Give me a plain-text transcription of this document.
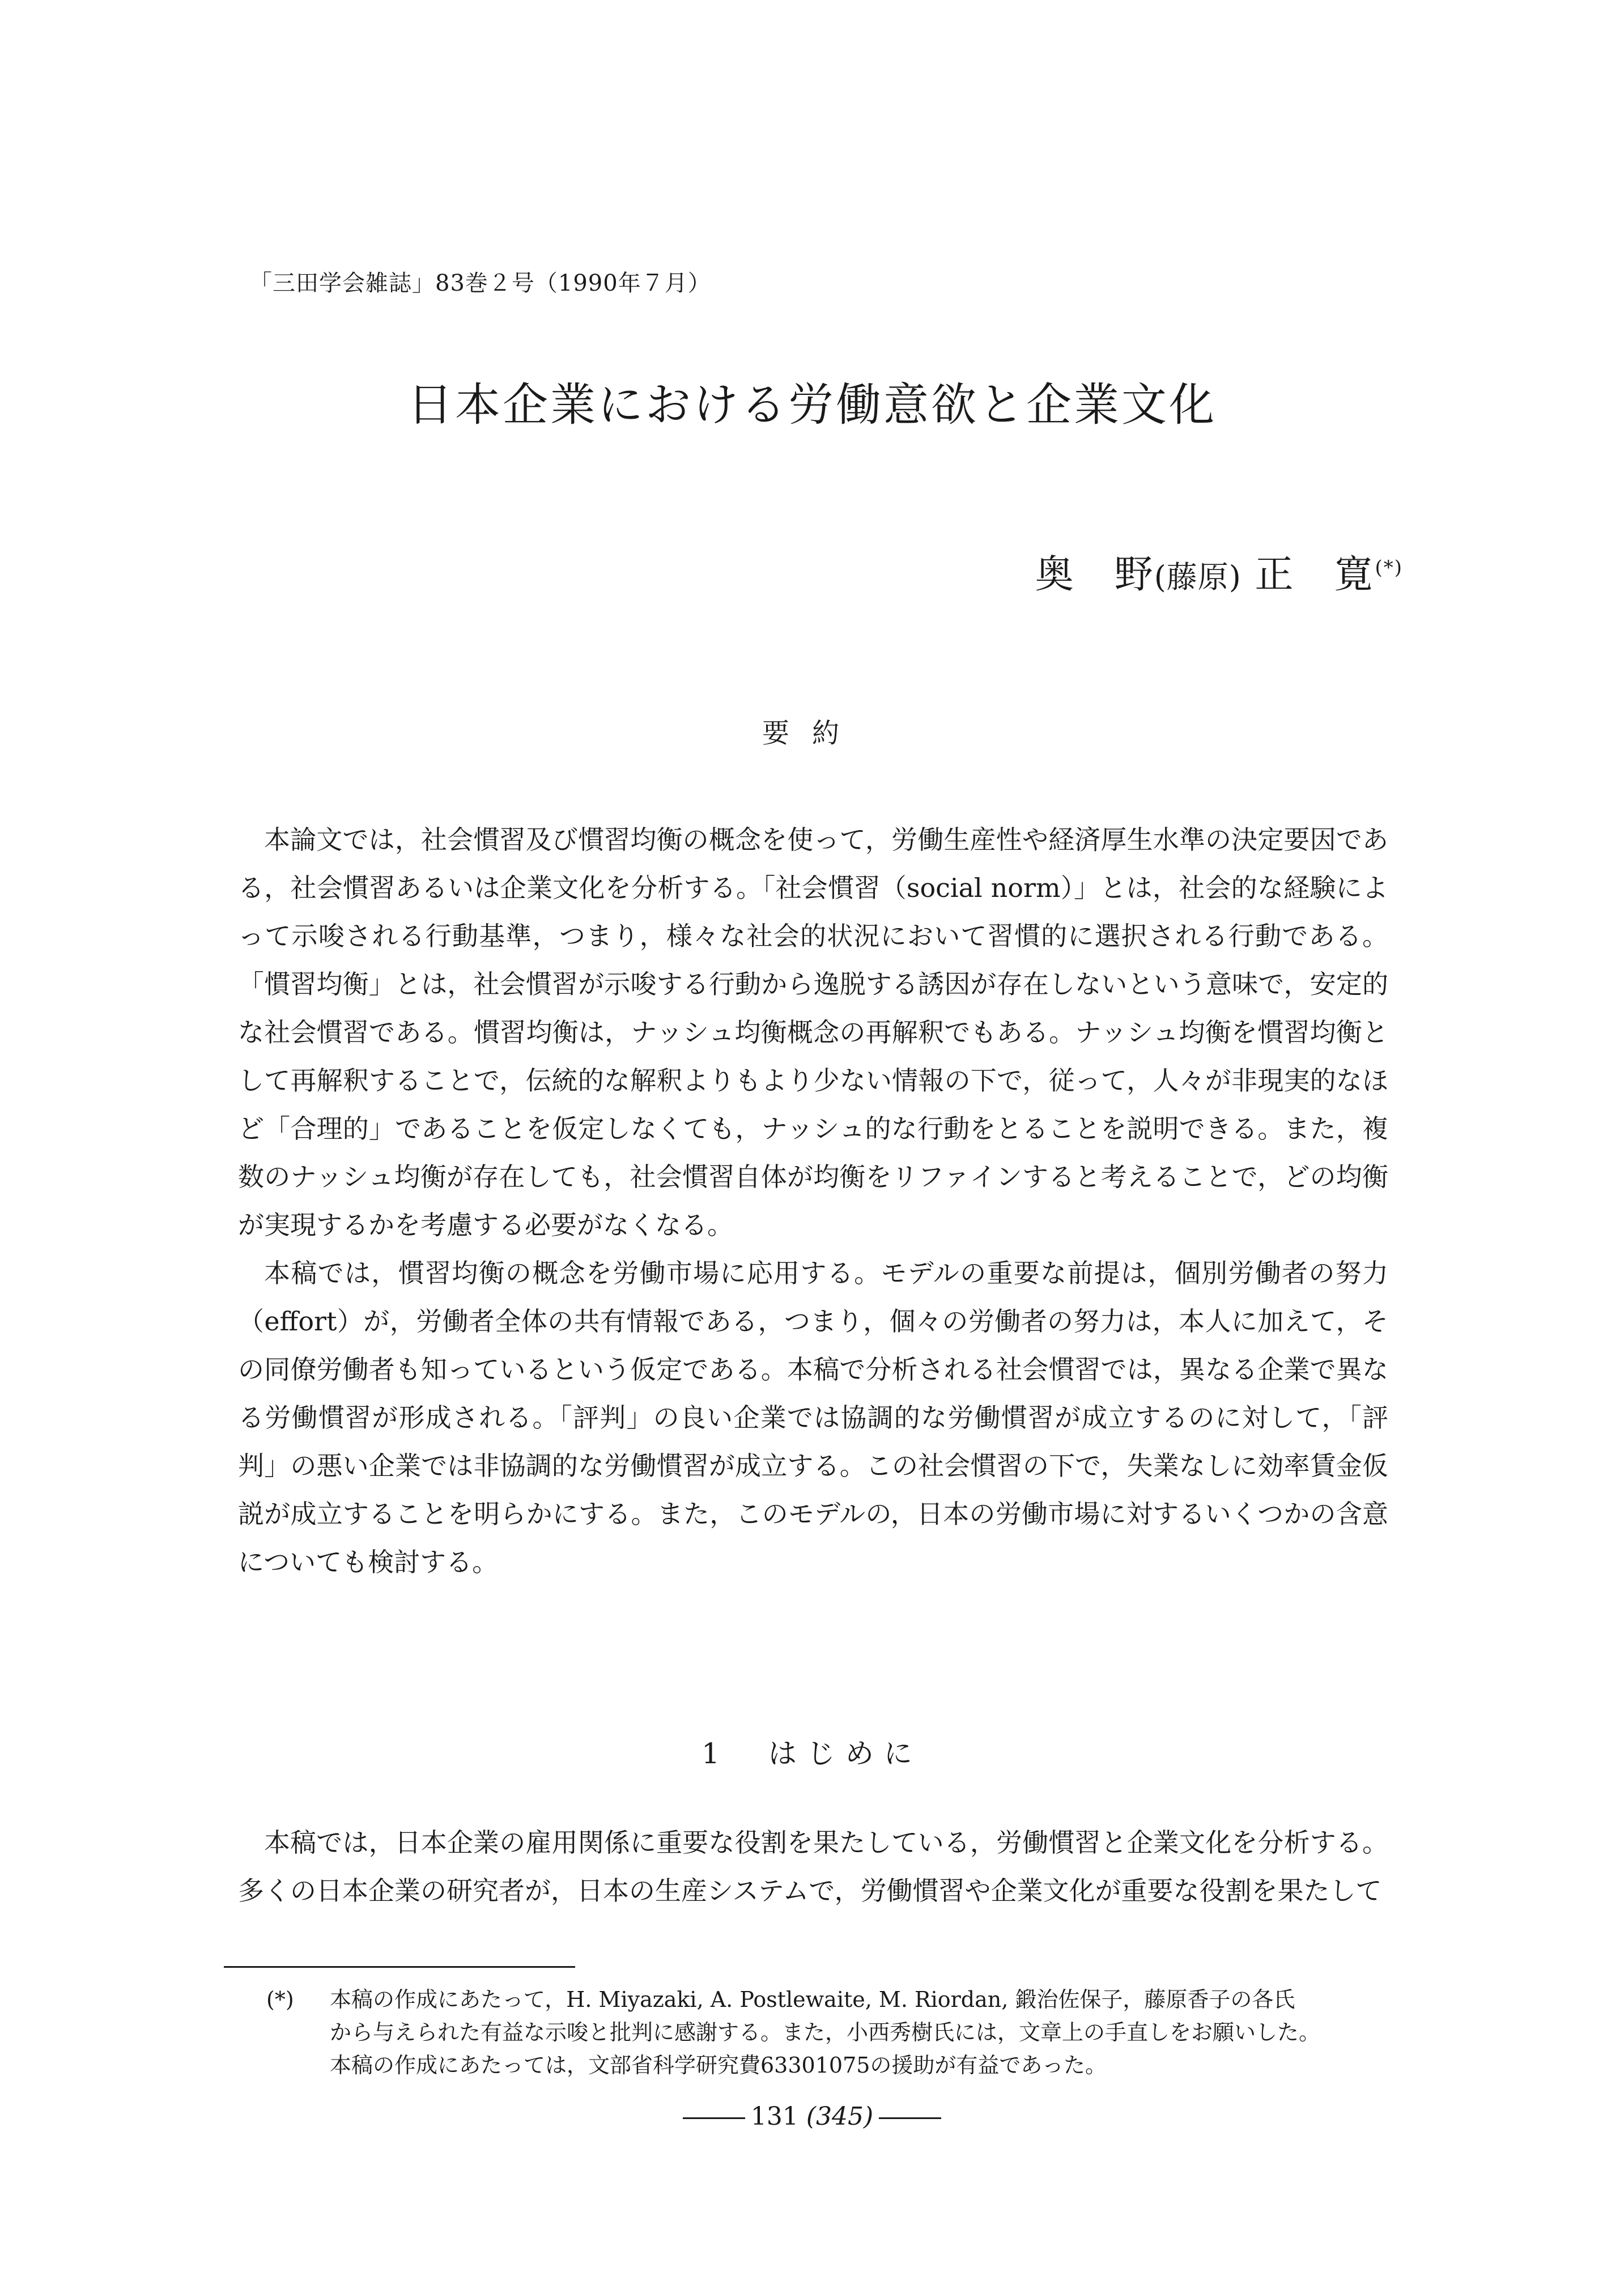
「三田学会雑誌」83巻２号（1990年７月）
日本企業における労働意欲と企業文化
奥　野(藤原) 正　寛(*)
要約

本論文では，社会慣習及び慣習均衡の概念を使って，労働生産性や経済厚生水準の決定要因である，社会慣習あるいは企業文化を分析する。「社会慣習（social norm）」とは，社会的な経験によって示唆される行動基準，つまり，様々な社会的状況において習慣的に選択される行動である。「慣習均衡」とは，社会慣習が示唆する行動から逸脱する誘因が存在しないという意味で，安定的な社会慣習である。慣習均衡は，ナッシュ均衡概念の再解釈でもある。ナッシュ均衡を慣習均衡として再解釈することで，伝統的な解釈よりもより少ない情報の下で，従って，人々が非現実的なほど「合理的」であることを仮定しなくても，ナッシュ的な行動をとることを説明できる。また，複数のナッシュ均衡が存在しても，社会慣習自体が均衡をリファインすると考えることで，どの均衡が実現するかを考慮する必要がなくなる。

本稿では，慣習均衡の概念を労働市場に応用する。モデルの重要な前提は，個別労働者の努力（effort）が，労働者全体の共有情報である，つまり，個々の労働者の努力は，本人に加えて，その同僚労働者も知っているという仮定である。本稿で分析される社会慣習では，異なる企業で異なる労働慣習が形成される。「評判」の良い企業では協調的な労働慣習が成立するのに対して，「評判」の悪い企業では非協調的な労働慣習が成立する。この社会慣習の下で，失業なしに効率賃金仮説が成立することを明らかにする。また，このモデルの，日本の労働市場に対するいくつかの含意についても検討する。

1　はじめに

本稿では，日本企業の雇用関係に重要な役割を果たしている，労働慣習と企業文化を分析する。多くの日本企業の研究者が，日本の生産システムで，労働慣習や企業文化が重要な役割を果たして

(*) 本稿の作成にあたって，H. Miyazaki, A. Postlewaite, M. Riordan, 鍛治佐保子，藤原香子の各氏
から与えられた有益な示唆と批判に感謝する。また，小西秀樹氏には，文章上の手直しをお願いした。
本稿の作成にあたっては，文部省科学研究費63301075の援助が有益であった。
131 (345)
